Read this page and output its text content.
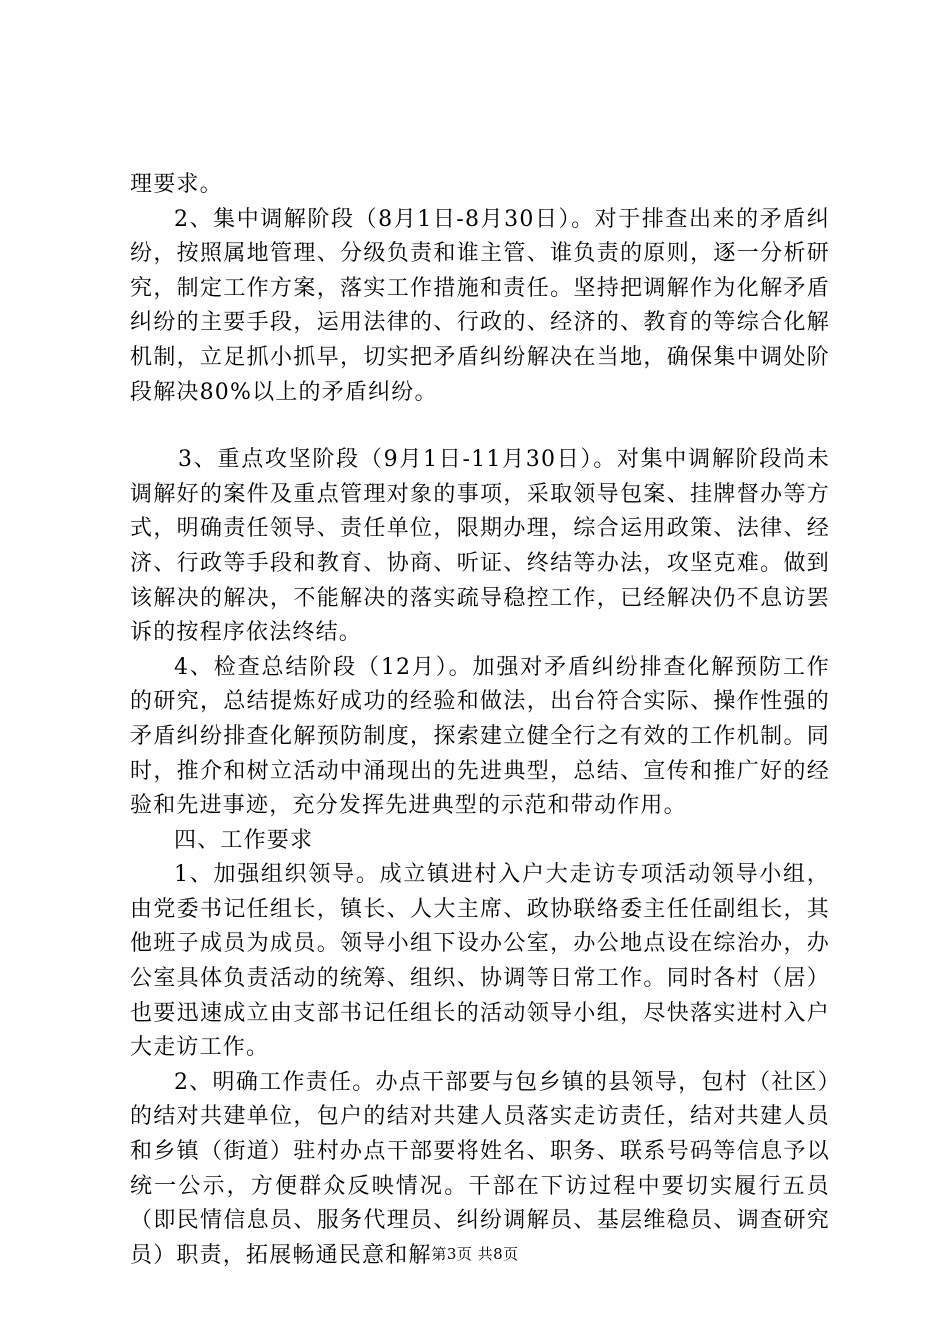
理要求。

2、集中调解阶段（8月1日-8月30日）。对于排查出来的矛盾纠纷，按照属地管理、分级负责和谁主管、谁负责的原则，逐一分析研究，制定工作方案，落实工作措施和责任。坚持把调解作为化解矛盾纠纷的主要手段，运用法律的、行政的、经济的、教育的等综合化解机制，立足抓小抓早，切实把矛盾纠纷解决在当地，确保集中调处阶段解决80%以上的矛盾纠纷。

3、重点攻坚阶段（9月1日-11月30日）。对集中调解阶段尚未调解好的案件及重点管理对象的事项，采取领导包案、挂牌督办等方式，明确责任领导、责任单位，限期办理，综合运用政策、法律、经济、行政等手段和教育、协商、听证、终结等办法，攻坚克难。做到该解决的解决，不能解决的落实疏导稳控工作，已经解决仍不息访罢诉的按程序依法终结。

4、检查总结阶段（12月）。加强对矛盾纠纷排查化解预防工作的研究，总结提炼好成功的经验和做法，出台符合实际、操作性强的矛盾纠纷排查化解预防制度，探索建立健全行之有效的工作机制。同时，推介和树立活动中涌现出的先进典型，总结、宣传和推广好的经验和先进事迹，充分发挥先进典型的示范和带动作用。

四、工作要求

1、加强组织领导。成立镇进村入户大走访专项活动领导小组，由党委书记任组长，镇长、人大主席、政协联络委主任任副组长，其他班子成员为成员。领导小组下设办公室，办公地点设在综治办，办公室具体负责活动的统筹、组织、协调等日常工作。同时各村（居）也要迅速成立由支部书记任组长的活动领导小组，尽快落实进村入户大走访工作。

2、明确工作责任。办点干部要与包乡镇的县领导，包村（社区）的结对共建单位，包户的结对共建人员落实走访责任，结对共建人员和乡镇（街道）驻村办点干部要将姓名、职务、联系号码等信息予以统一公示，方便群众反映情况。干部在下访过程中要切实履行五员（即民情信息员、服务代理员、纠纷调解员、基层维稳员、调查研究员）职责，拓展畅通民意和解 第3页 共8页
